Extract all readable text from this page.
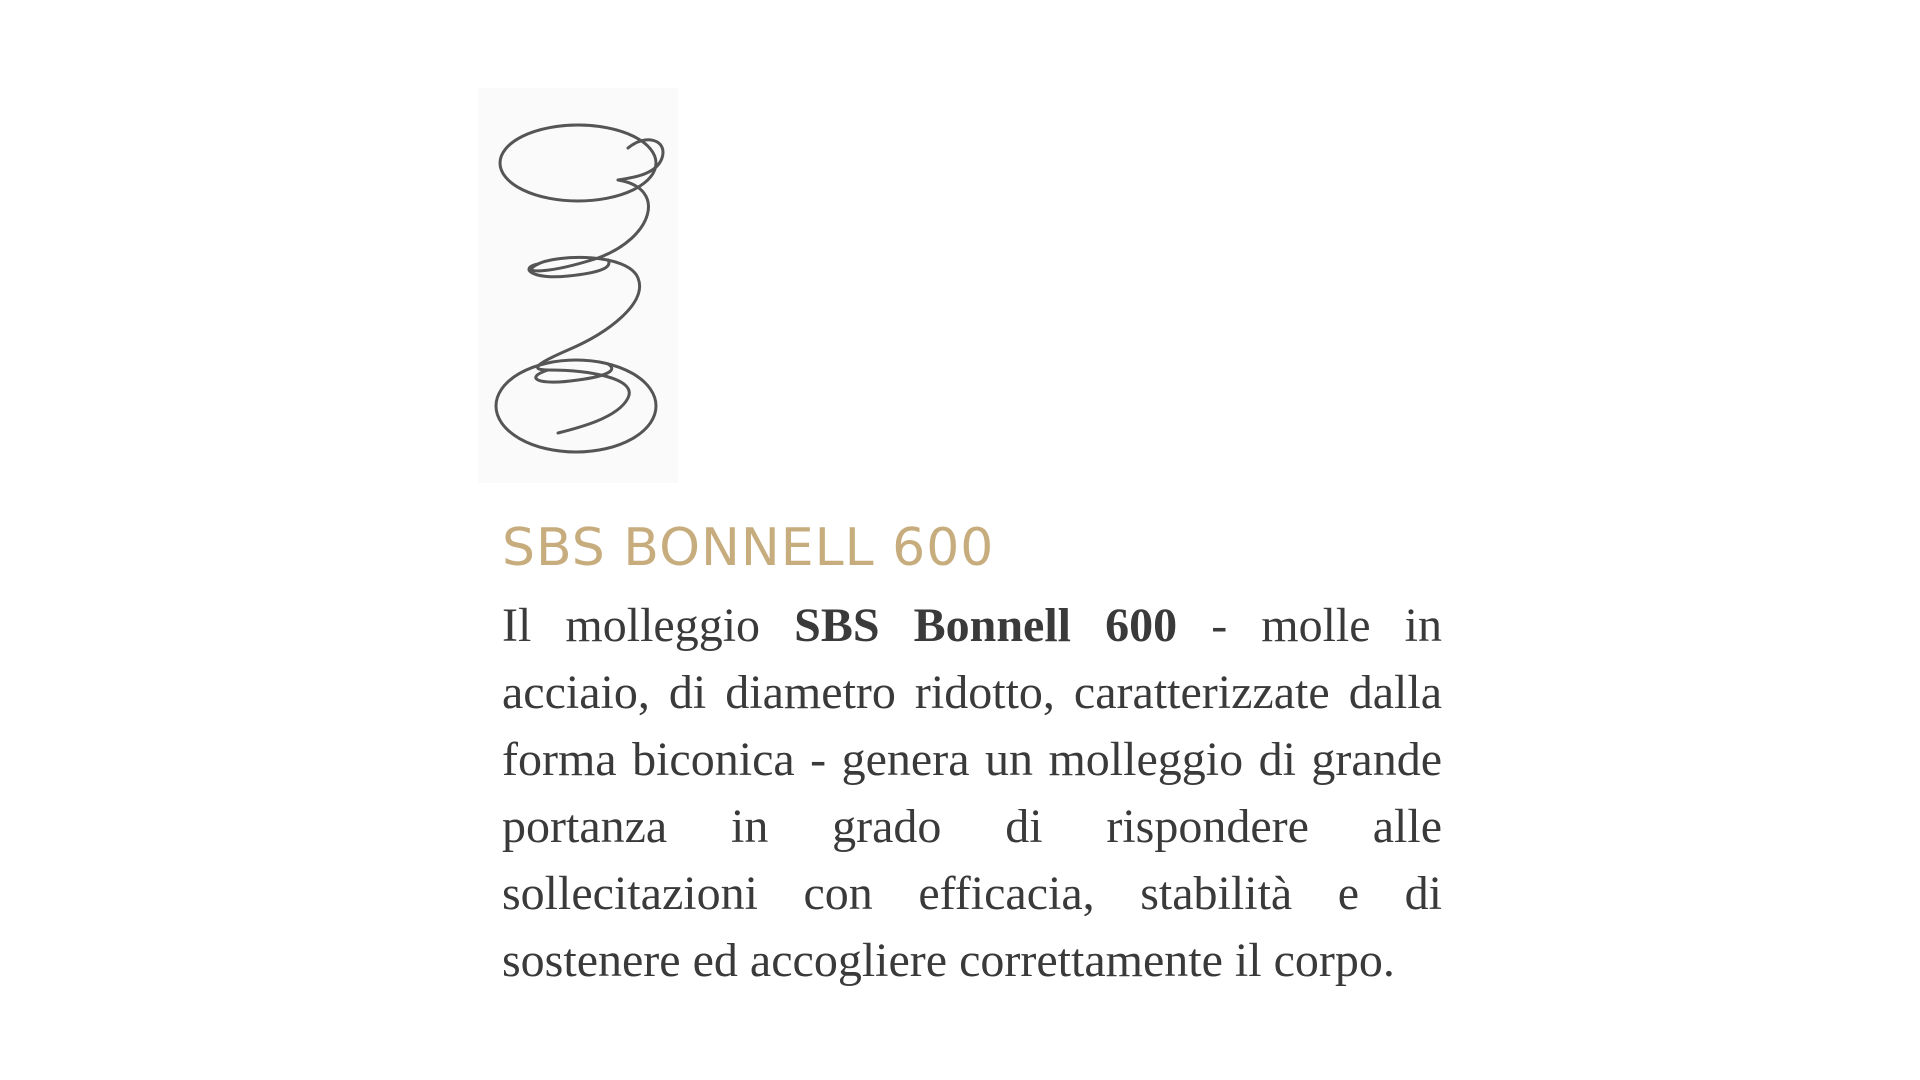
SBS BONNELL 600

Il molleggio SBS Bonnell 600 - molle in acciaio, di diametro ridotto, caratterizzate dalla forma biconica - genera un molleggio di grande portanza in grado di rispondere alle sollecitazioni con efficacia, stabilità e di sostenere ed accogliere correttamente il corpo.
